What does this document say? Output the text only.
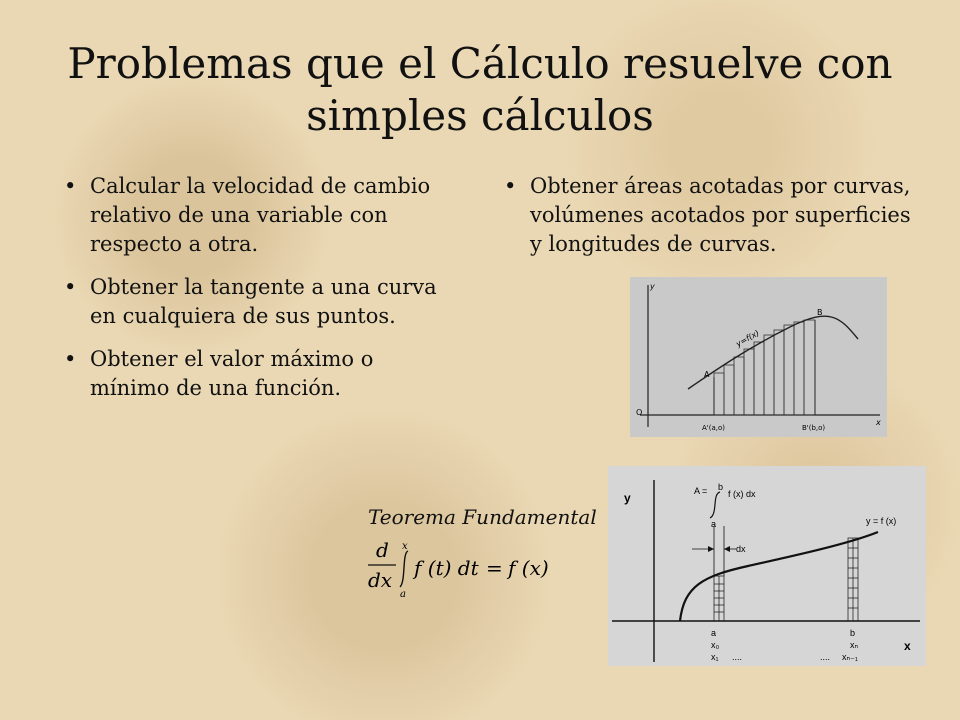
Problemas que el Cálculo resuelve con simples cálculos
• Calcular la velocidad de cambio relativo de una variable con respecto a otra.
• Obtener la tangente a una curva en cualquiera de sus puntos.
• Obtener el valor máximo o mínimo de una función.
• Obtener áreas acotadas por curvas, volúmenes acotados por superficies y longitudes de curvas.
y
x
O
A
B
y=f(x)
A'(a,o)	B'(b,o)
y
x
A = b
a
f (x) dx
y = f (x)
dx
a	b
x₀
x₁ ....
xₙ
.... xₙ₋₁
Teorema Fundamental
d
dx
x
a
f (t) dt = f (x)
